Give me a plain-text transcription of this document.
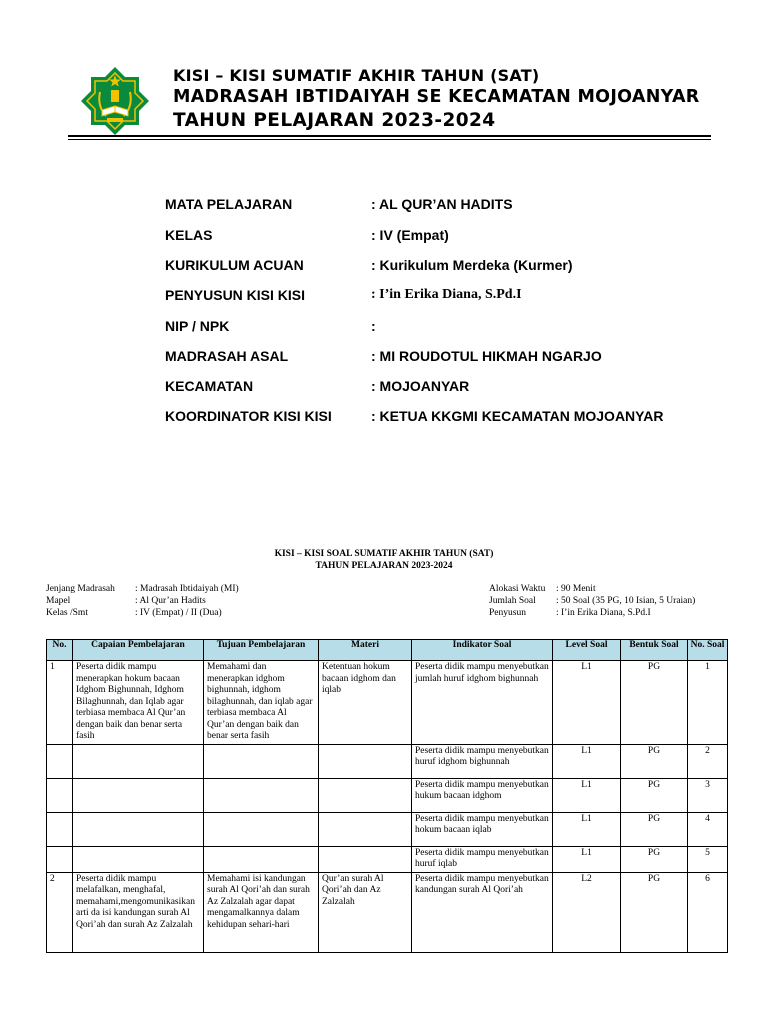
KISI – KISI SUMATIF AKHIR TAHUN (SAT)
MADRASAH IBTIDAIYAH SE KECAMATAN MOJOANYAR
TAHUN PELAJARAN 2023-2024
MATA PELAJARAN	: AL QUR’AN HADITS
KELAS	: IV (Empat)
KURIKULUM ACUAN	: Kurikulum Merdeka (Kurmer)
PENYUSUN KISI KISI	: I’in Erika Diana, S.Pd.I
NIP / NPK	:
MADRASAH ASAL	: MI ROUDOTUL HIKMAH NGARJO
KECAMATAN	: MOJOANYAR
KOORDINATOR KISI KISI	: KETUA KKGMI KECAMATAN MOJOANYAR
KISI – KISI SOAL SUMATIF AKHIR TAHUN (SAT)
TAHUN PELAJARAN 2023-2024
Jenjang Madrasah : Madrasah Ibtidaiyah (MI)
Mapel	: Al Qur’an Hadits
Kelas /Smt	: IV (Empat) / II (Dua)
Alokasi Waktu : 90 Menit
Jumlah Soal : 50 Soal (35 PG, 10 Isian, 5 Uraian)
Penyusun	: I’in Erika Diana, S.Pd.I
No.	Capaian Pembelajaran	Tujuan Pembelajaran	Materi	Indikator Soal	Level Soal	Bentuk Soal	No. Soal
1	Peserta didik mampu menerapkan hokum bacaan Idghom Bighunnah, Idghom Bilaghunnah, dan Iqlab agar terbiasa membaca Al Qur’an dengan baik dan benar serta fasih	Memahami dan menerapkan idghom bighunnah, idghom bilaghunnah, dan iqlab agar terbiasa membaca Al Qur’an dengan baik dan benar serta fasih	Ketentuan hokum bacaan idghom dan iqlab	Peserta didik mampu menyebutkan jumlah huruf idghom bighunnah	L1	PG	1
				Peserta didik mampu menyebutkan huruf idghom bighunnah	L1	PG	2
				Peserta didik mampu menyebutkan hukum bacaan idghom	L1	PG	3
				Peserta didik mampu menyebutkan hokum bacaan iqlab	L1	PG	4
				Peserta didik mampu menyebutkan huruf iqlab	L1	PG	5
2	Peserta didik mampu melafalkan, menghafal, memahami,mengomunikasikan arti da isi kandungan surah Al Qori’ah dan surah Az Zalzalah	Memahami isi kandungan surah Al Qori’ah dan surah Az Zalzalah agar dapat mengamalkannya dalam kehidupan sehari-hari	Qur’an surah Al Qori’ah dan Az Zalzalah	Peserta didik mampu menyebutkan kandungan surah Al Qori’ah	L2	PG	6
